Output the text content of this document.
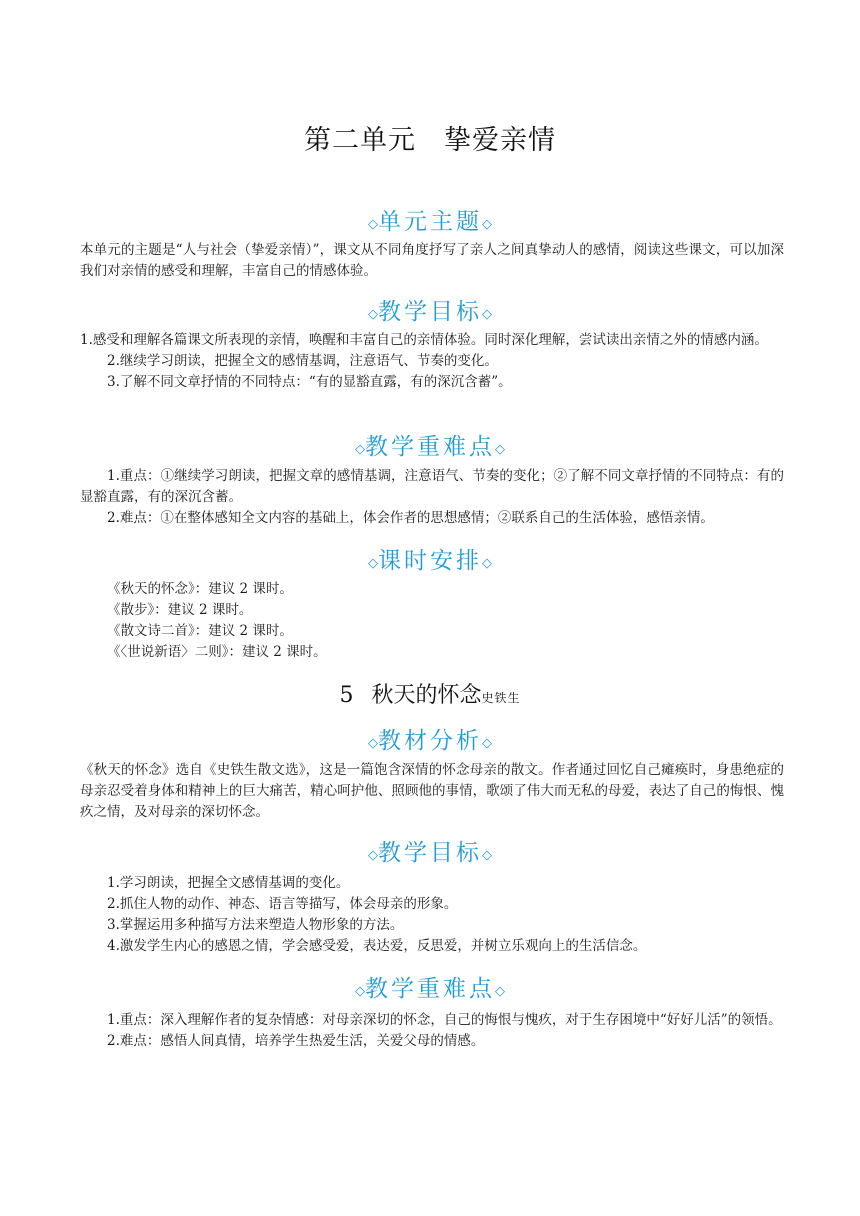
第二单元　挚爱亲情
◇单元主题◇

本单元的主题是“人与社会（挚爱亲情）”，课文从不同角度抒写了亲人之间真挚动人的感情，阅读这些课文，可以加深我们对亲情的感受和理解，丰富自己的情感体验。

◇教学目标◇

1.感受和理解各篇课文所表现的亲情，唤醒和丰富自己的亲情体验。同时深化理解，尝试读出亲情之外的情感内涵。

2.继续学习朗读，把握全文的感情基调，注意语气、节奏的变化。

3.了解不同文章抒情的不同特点：“有的显豁直露，有的深沉含蓄”。

◇教学重难点◇

1.重点：①继续学习朗读，把握文章的感情基调，注意语气、节奏的变化；②了解不同文章抒情的不同特点：有的显豁直露，有的深沉含蓄。

2.难点：①在整体感知全文内容的基础上，体会作者的思想感情；②联系自己的生活体验，感悟亲情。

◇课时安排◇

《秋天的怀念》：建议 2 课时。

《散步》：建议 2 课时。

《散文诗二首》：建议 2 课时。

《〈世说新语〉二则》：建议 2 课时。

5 秋天的怀念史铁生
◇教材分析◇

《秋天的怀念》选自《史铁生散文选》，这是一篇饱含深情的怀念母亲的散文。作者通过回忆自己瘫痪时，身患绝症的母亲忍受着身体和精神上的巨大痛苦，精心呵护他、照顾他的事情，歌颂了伟大而无私的母爱，表达了自己的悔恨、愧疚之情，及对母亲的深切怀念。

◇教学目标◇

1.学习朗读，把握全文感情基调的变化。

2.抓住人物的动作、神态、语言等描写，体会母亲的形象。

3.掌握运用多种描写方法来塑造人物形象的方法。

4.激发学生内心的感恩之情，学会感受爱，表达爱，反思爱，并树立乐观向上的生活信念。

◇教学重难点◇

1.重点：深入理解作者的复杂情感：对母亲深切的怀念，自己的悔恨与愧疚，对于生存困境中“好好儿活”的领悟。

2.难点：感悟人间真情，培养学生热爱生活，关爱父母的情感。
